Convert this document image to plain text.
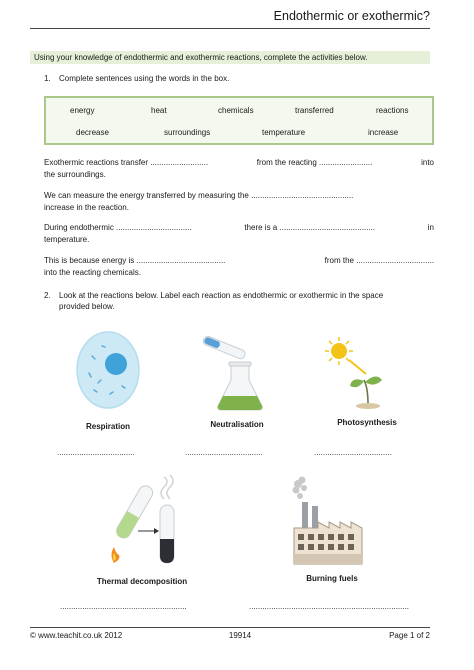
Endothermic or exothermic?
Using your knowledge of endothermic and exothermic reactions, complete the activities below.
1. Complete sentences using the words in the box.
energy	heat	chemicals	transferred	reactions
decrease	surroundings	temperature	increase
Exothermic reactions transfer ..........................	from the reacting ........................	into
the surroundings.
We can measure the energy transferred by measuring the ..............................................
increase in the reaction.
During endothermic ..................................	there is a ...........................................	in
temperature.
This is because energy is ........................................	from the ...................................
into the reacting chemicals.
2. Look at the reactions below. Label each reaction as endothermic or exothermic in the space
provided below.
Respiration	Neutralisation	Photosynthesis
...................................	...................................	...................................
Thermal decomposition	Burning fuels
.........................................................	........................................................................
© www.teachit.co.uk 2012	19914	Page 1 of 2
